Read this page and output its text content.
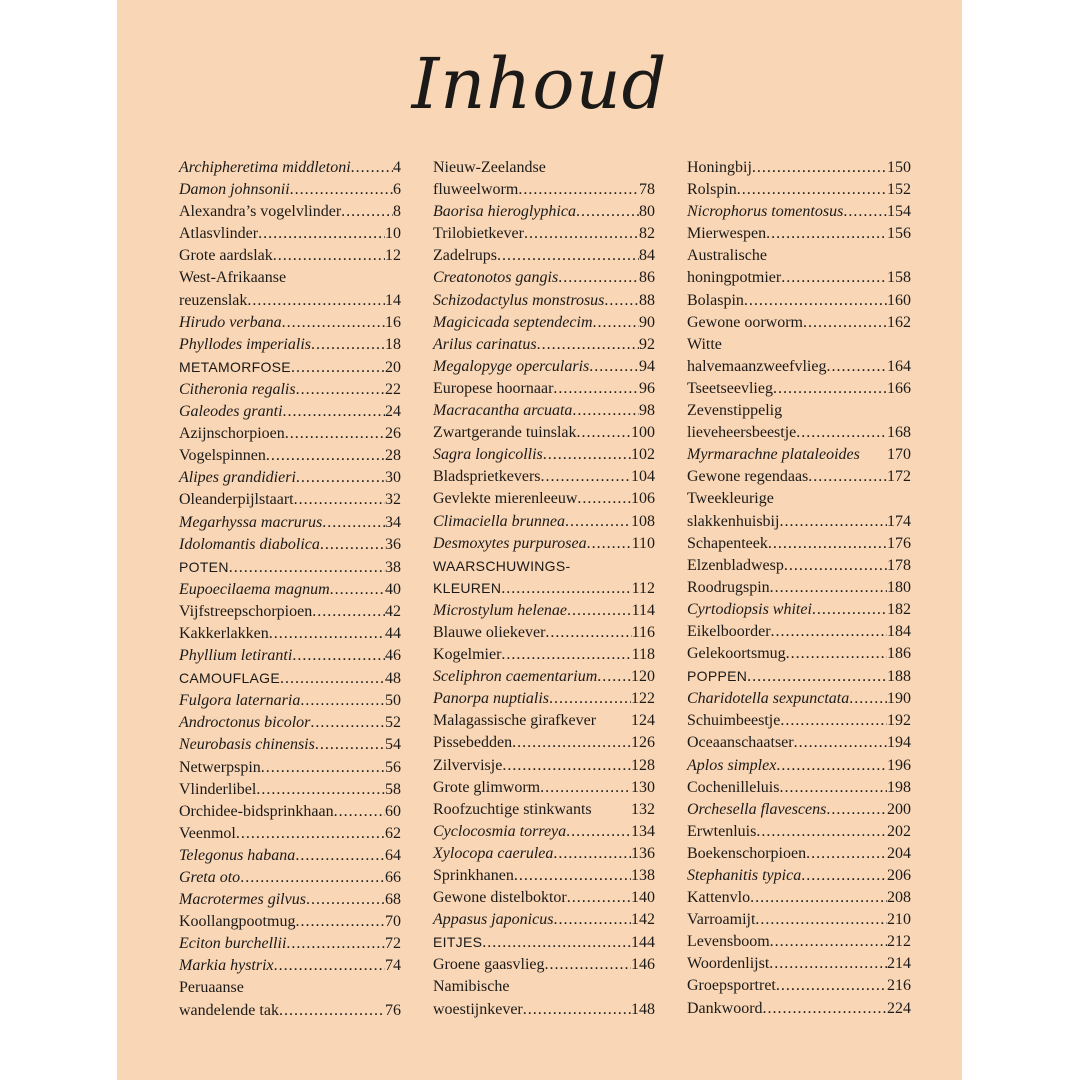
Inhoud
Archipheretima middletoni .....	4
Damon johnsonii .....	6
Alexandra’s vogelvlinder .....	8
Atlasvlinder .....	10
Grote aardslak .....	12
West-Afrikaanse
reuzenslak .....	14
Hirudo verbana .....	16
Phyllodes imperialis .....	18
METAMORFOSE .....	20
Citheronia regalis .....	22
Galeodes granti .....	24
Azijnschorpioen .....	26
Vogelspinnen .....	28
Alipes grandidieri .....	30
Oleanderpijlstaart .....	32
Megarhyssa macrurus .....	34
Idolomantis diabolica .....	36
POTEN .....	38
Eupoecilaema magnum .....	40
Vijfstreepschorpioen .....	42
Kakkerlakken .....	44
Phyllium letiranti .....	46
CAMOUFLAGE .....	48
Fulgora laternaria .....	50
Androctonus bicolor .....	52
Neurobasis chinensis .....	54
Netwerpspin .....	56
Vlinderlibel .....	58
Orchidee-bidsprinkhaan .....	60
Veenmol .....	62
Telegonus habana .....	64
Greta oto .....	66
Macrotermes gilvus .....	68
Koollangpootmug .....	70
Eciton burchellii .....	72
Markia hystrix .....	74
Peruaanse
wandelende tak .....	76
Nieuw-Zeelandse
fluweelworm .....	78
Baorisa hieroglyphica .....	80
Trilobietkever .....	82
Zadelrups .....	84
Creatonotos gangis .....	86
Schizodactylus monstrosus ..... 88
Magicicada septendecim .....	90
Arilus carinatus .....	92
Megalopyge opercularis .....	94
Europese hoornaar .....	96
Macracantha arcuata .....	98
Zwartgerande tuinslak .....	100
Sagra longicollis .....	102
Bladsprietkevers .....	104
Gevlekte mierenleeuw .....	106
Climaciella brunnea .....	108
Desmoxytes purpurosea .....	110
WAARSCHUWINGS-
KLEUREN .....	112
Microstylum helenae .....	114
Blauwe oliekever .....	116
Kogelmier .....	118
Sceliphron caementarium ..... 120
Panorpa nuptialis .....	122
Malagassische girafkever 124
Pissebedden .....	126
Zilvervisje .....	128
Grote glimworm .....	130
Roofzuchtige stinkwants 132
Cyclocosmia torreya .....	134
Xylocopa caerulea .....	136
Sprinkhanen .....	138
Gewone distelboktor .....	140
Appasus japonicus .....	142
EITJES .....	144
Groene gaasvlieg .....	146
Namibische
woestijnkever .....	148
Honingbij .....	150
Rolspin .....	152
Nicrophorus tomentosus .....	154
Mierwespen .....	156
Australische
honingpotmier .....	158
Bolaspin .....	160
Gewone oorworm .....	162
Witte
halvemaanzweefvlieg .....	164
Tseetseevlieg .....	166
Zevenstippelig
lieveheersbeestje .....	168
Myrmarachne plataleoides 170
Gewone regendaas .....	172
Tweekleurige
slakkenhuisbij .....	174
Schapenteek .....	176
Elzenbladwesp .....	178
Roodrugspin .....	180
Cyrtodiopsis whitei .....	182
Eikelboorder .....	184
Gelekoortsmug .....	186
POPPEN .....	188
Charidotella sexpunctata ..... 190
Schuimbeestje .....	192
Oceaanschaatser .....	194
Aplos simplex .....	196
Cochenilleluis .....	198
Orchesella flavescens .....	200
Erwtenluis .....	202
Boekenschorpioen .....	204
Stephanitis typica .....	206
Kattenvlo .....	208
Varroamijt .....	210
Levensboom .....	212
Woordenlijst .....	214
Groepsportret .....	216
Dankwoord .....	224
